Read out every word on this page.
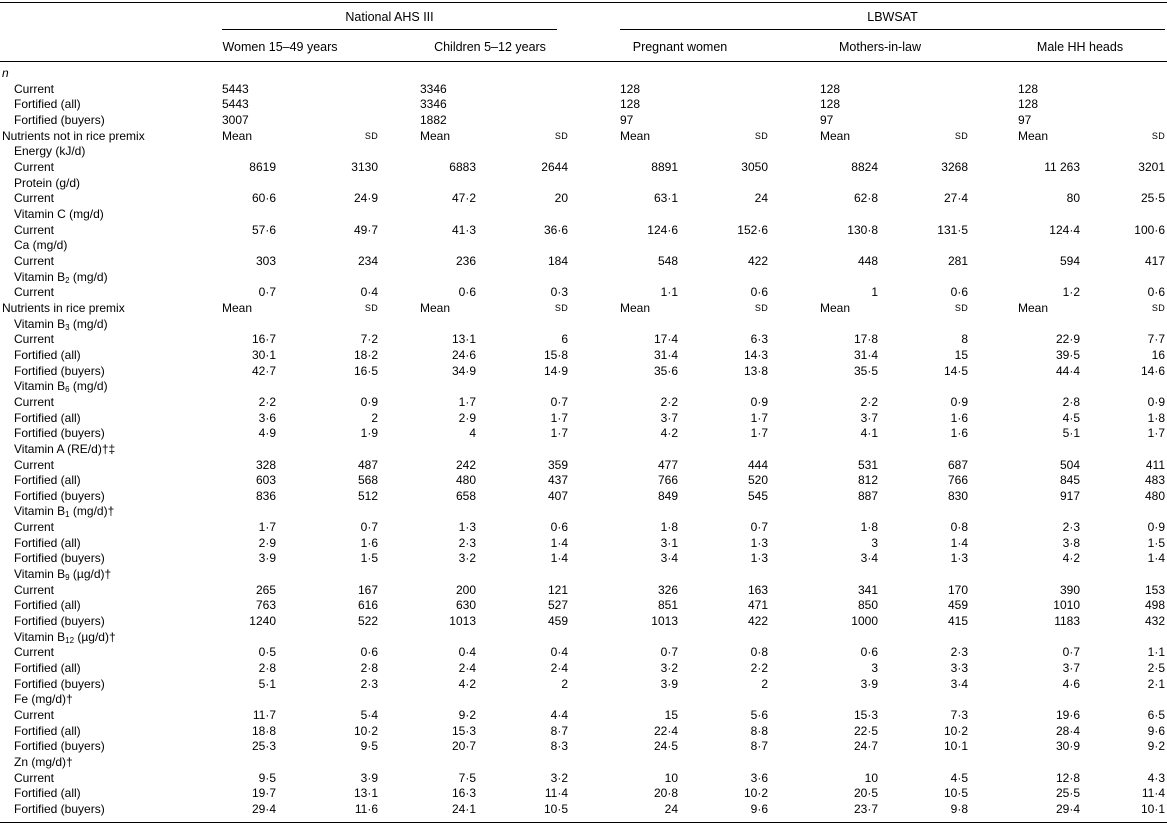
National AHS III	LBWSAT
Women 15–49 years	Children 5–12 years	Pregnant women	Mothers-in-law	Male HH heads
n
Current	5443	3346	128	128	128
Fortified (all)	5443	3346	128	128	128
Fortified (buyers)	3007	1882	97	97	97
Nutrients not in rice premix	Mean	SD	Mean	SD	Mean	SD	Mean	SD	Mean	SD
Energy (kJ/d)
Current	8619	3130	6883	2644	8891	3050	8824	3268	11 263	3201
Protein (g/d)
Current	60·6	24·9	47·2	20	63·1	24	62·8	27·4	80	25·5
Vitamin C (mg/d)
Current	57·6	49·7	41·3	36·6	124·6	152·6	130·8	131·5	124·4	100·6
Ca (mg/d)
Current	303	234	236	184	548	422	448	281	594	417
Vitamin $B_2$ (mg/d)
Current	0·7	0·4	0·6	0·3	1·1	0·6	1	0·6	1·2	0·6
Nutrients in rice premix	Mean	SD	Mean	SD	Mean	SD	Mean	SD	Mean	SD
Vitamin $B_3$ (mg/d)
Current	16·7	7·2	13·1	6	17·4	6·3	17·8	8	22·9	7·7
Fortified (all)	30·1	18·2	24·6	15·8	31·4	14·3	31·4	15	39·5	16
Fortified (buyers)	42·7	16·5	34·9	14·9	35·6	13·8	35·5	14·5	44·4	14·6
Vitamin $B_6$ (mg/d)
Current	2·2	0·9	1·7	0·7	2·2	0·9	2·2	0·9	2·8	0·9
Fortified (all)	3·6	2	2·9	1·7	3·7	1·7	3·7	1·6	4·5	1·8
Fortified (buyers)	4·9	1·9	4	1·7	4·2	1·7	4·1	1·6	5·1	1·7
Vitamin A (RE/d)†‡
Current	328	487	242	359	477	444	531	687	504	411
Fortified (all)	603	568	480	437	766	520	812	766	845	483
Fortified (buyers)	836	512	658	407	849	545	887	830	917	480
Vitamin $B_1$ (mg/d)†
Current	1·7	0·7	1·3	0·6	1·8	0·7	1·8	0·8	2·3	0·9
Fortified (all)	2·9	1·6	2·3	1·4	3·1	1·3	3	1·4	3·8	1·5
Fortified (buyers)	3·9	1·5	3·2	1·4	3·4	1·3	3·4	1·3	4·2	1·4
Vitamin $B_9$ (µg/d)†
Current	265	167	200	121	326	163	341	170	390	153
Fortified (all)	763	616	630	527	851	471	850	459	1010	498
Fortified (buyers)	1240	522	1013	459	1013	422	1000	415	1183	432
Vitamin $B_{12}$ (µg/d)†
Current	0·5	0·6	0·4	0·4	0·7	0·8	0·6	2·3	0·7	1·1
Fortified (all)	2·8	2·8	2·4	2·4	3·2	2·2	3	3·3	3·7	2·5
Fortified (buyers)	5·1	2·3	4·2	2	3·9	2	3·9	3·4	4·6	2·1
Fe (mg/d)†
Current	11·7	5·4	9·2	4·4	15	5·6	15·3	7·3	19·6	6·5
Fortified (all)	18·8	10·2	15·3	8·7	22·4	8·8	22·5	10·2	28·4	9·6
Fortified (buyers)	25·3	9·5	20·7	8·3	24·5	8·7	24·7	10·1	30·9	9·2
Zn (mg/d)†
Current	9·5	3·9	7·5	3·2	10	3·6	10	4·5	12·8	4·3
Fortified (all)	19·7	13·1	16·3	11·4	20·8	10·2	20·5	10·5	25·5	11·4
Fortified (buyers)	29·4	11·6	24·1	10·5	24	9·6	23·7	9·8	29·4	10·1
